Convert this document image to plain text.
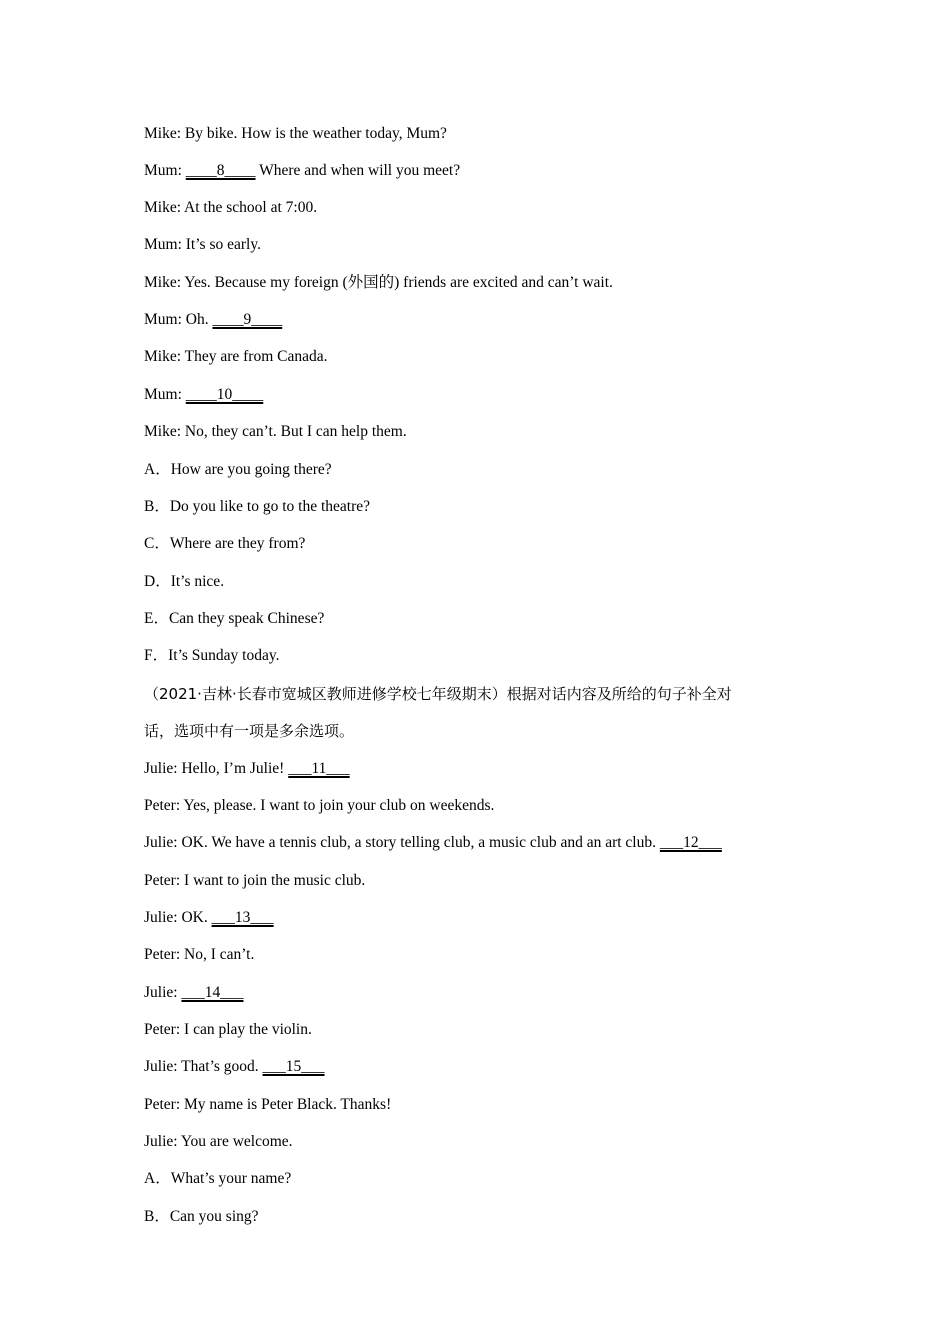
Mike: By bike. How is the weather today, Mum?
Mum: ____8____ Where and when will you meet?
Mike: At the school at 7:00.
Mum: It’s so early.
Mike: Yes. Because my foreign (外国的) friends are excited and can’t wait.
Mum: Oh. ____9____
Mike: They are from Canada.
Mum: ____10____
Mike: No, they can’t. But I can help them.
A．How are you going there?
B．Do you like to go to the theatre?
C．Where are they from?
D．It’s nice.
E．Can they speak Chinese?
F．It’s Sunday today.
（2021·吉林·长春市宽城区教师进修学校七年级期末）根据对话内容及所给的句子补全对
话，选项中有一项是多余选项。
Julie: Hello, I’m Julie! ___11___
Peter: Yes, please. I want to join your club on weekends.
Julie: OK. We have a tennis club, a story telling club, a music club and an art club. ___12___
Peter: I want to join the music club.
Julie: OK. ___13___
Peter: No, I can’t.
Julie: ___14___
Peter: I can play the violin.
Julie: That’s good. ___15___
Peter: My name is Peter Black. Thanks!
Julie: You are welcome.
A．What’s your name?
B．Can you sing?
